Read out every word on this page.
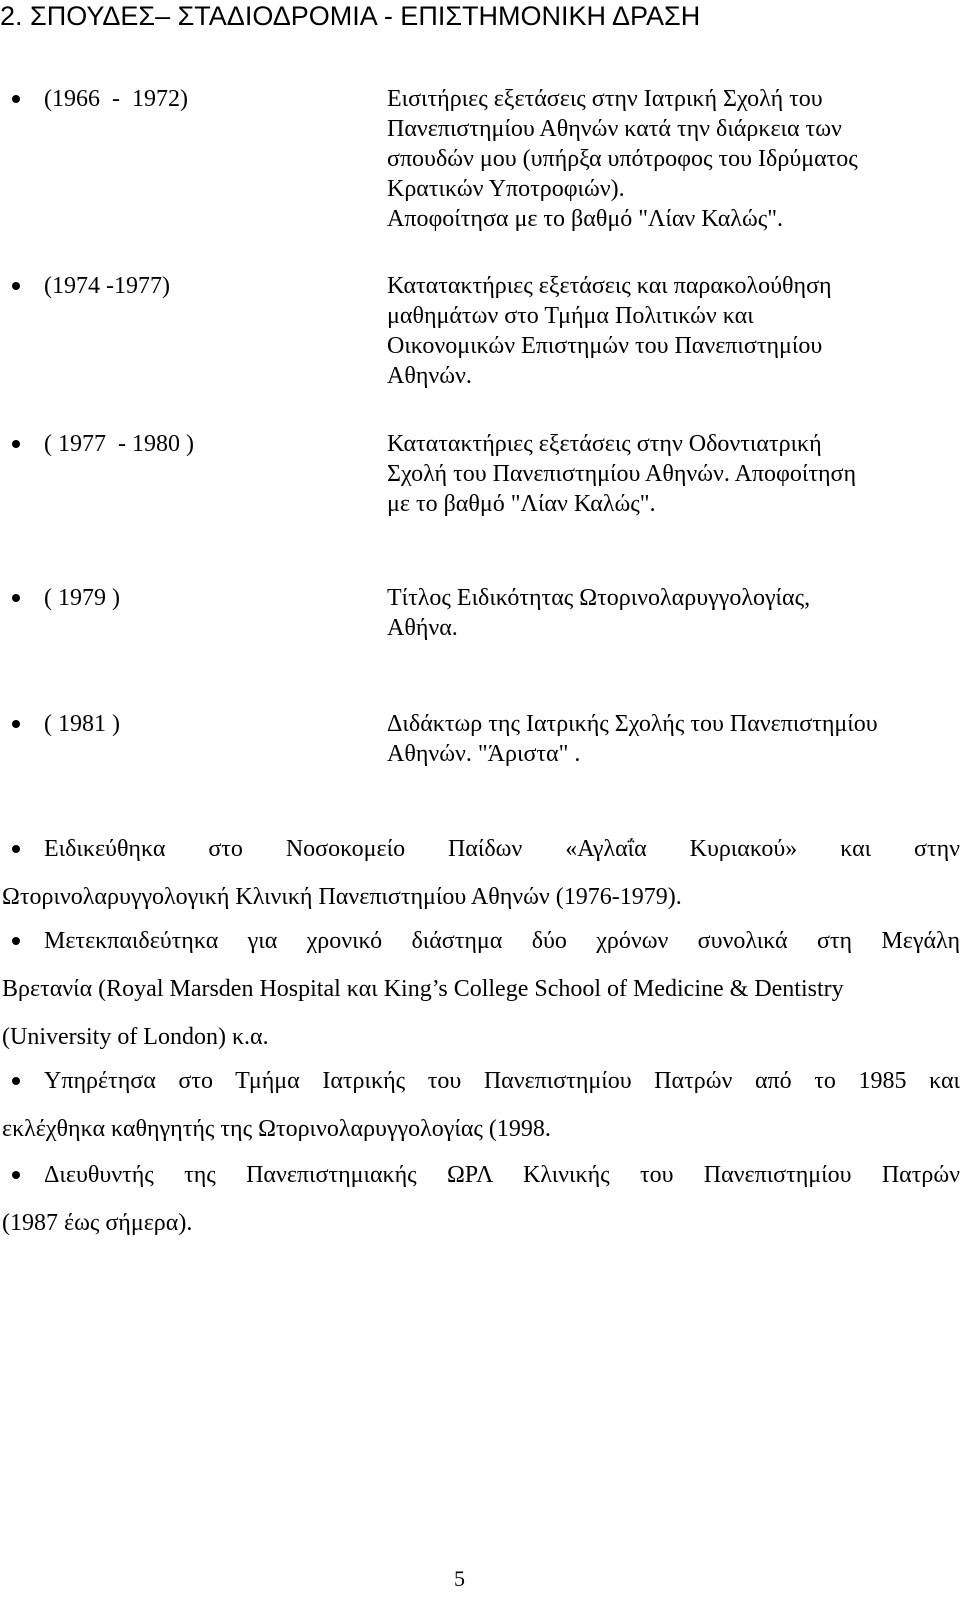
2. ΣΠΟΥΔΕΣ– ΣΤΑΔΙΟΔΡΟΜΙΑ - ΕΠΙΣΤΗΜΟΝΙΚΗ ΔΡΑΣΗ
(1966  -  1972)	Εισιτήριες εξετάσεις στην Ιατρική Σχολή του
Πανεπιστημίου Αθηνών κατά την διάρκεια των
σπουδών μου (υπήρξα υπότροφος του Ιδρύματος
Κρατικών Υποτροφιών).
Αποφοίτησα με το βαθμό "Λίαν Καλώς".
(1974 -1977)	Κατατακτήριες εξετάσεις και παρακολούθηση
μαθημάτων στο Τμήμα Πολιτικών και
Οικονομικών Επιστημών του Πανεπιστημίου
Αθηνών.
( 1977  - 1980 )	Κατατακτήριες εξετάσεις στην Οδοντιατρική
Σχολή του Πανεπιστημίου Αθηνών. Αποφοίτηση
με το βαθμό "Λίαν Καλώς".
( 1979 )	Τίτλος Ειδικότητας Ωτορινολαρυγγολογίας,
Αθήνα.
( 1981 )	Διδάκτωρ της Ιατρικής Σχολής του Πανεπιστημίου
Αθηνών. "Άριστα" .
Ειδικεύθηκα στο Νοσοκομείο Παίδων «Αγλαΐα Κυριακού» και στην
Ωτορινολαρυγγολογική Κλινική Πανεπιστημίου Αθηνών (1976-1979).
Μετεκπαιδεύτηκα για χρονικό διάστημα δύο χρόνων συνολικά στη Μεγάλη
Βρετανία (Royal Marsden Hospital και King’s College School of Medicine & Dentistry
(University of London) κ.α.
Υπηρέτησα στο Τμήμα Ιατρικής του Πανεπιστημίου Πατρών από το 1985 και
εκλέχθηκα καθηγητής της Ωτορινολαρυγγολογίας (1998.
Διευθυντής της Πανεπιστημιακής ΩΡΛ Κλινικής του Πανεπιστημίου Πατρών
(1987 έως σήμερα).
5
